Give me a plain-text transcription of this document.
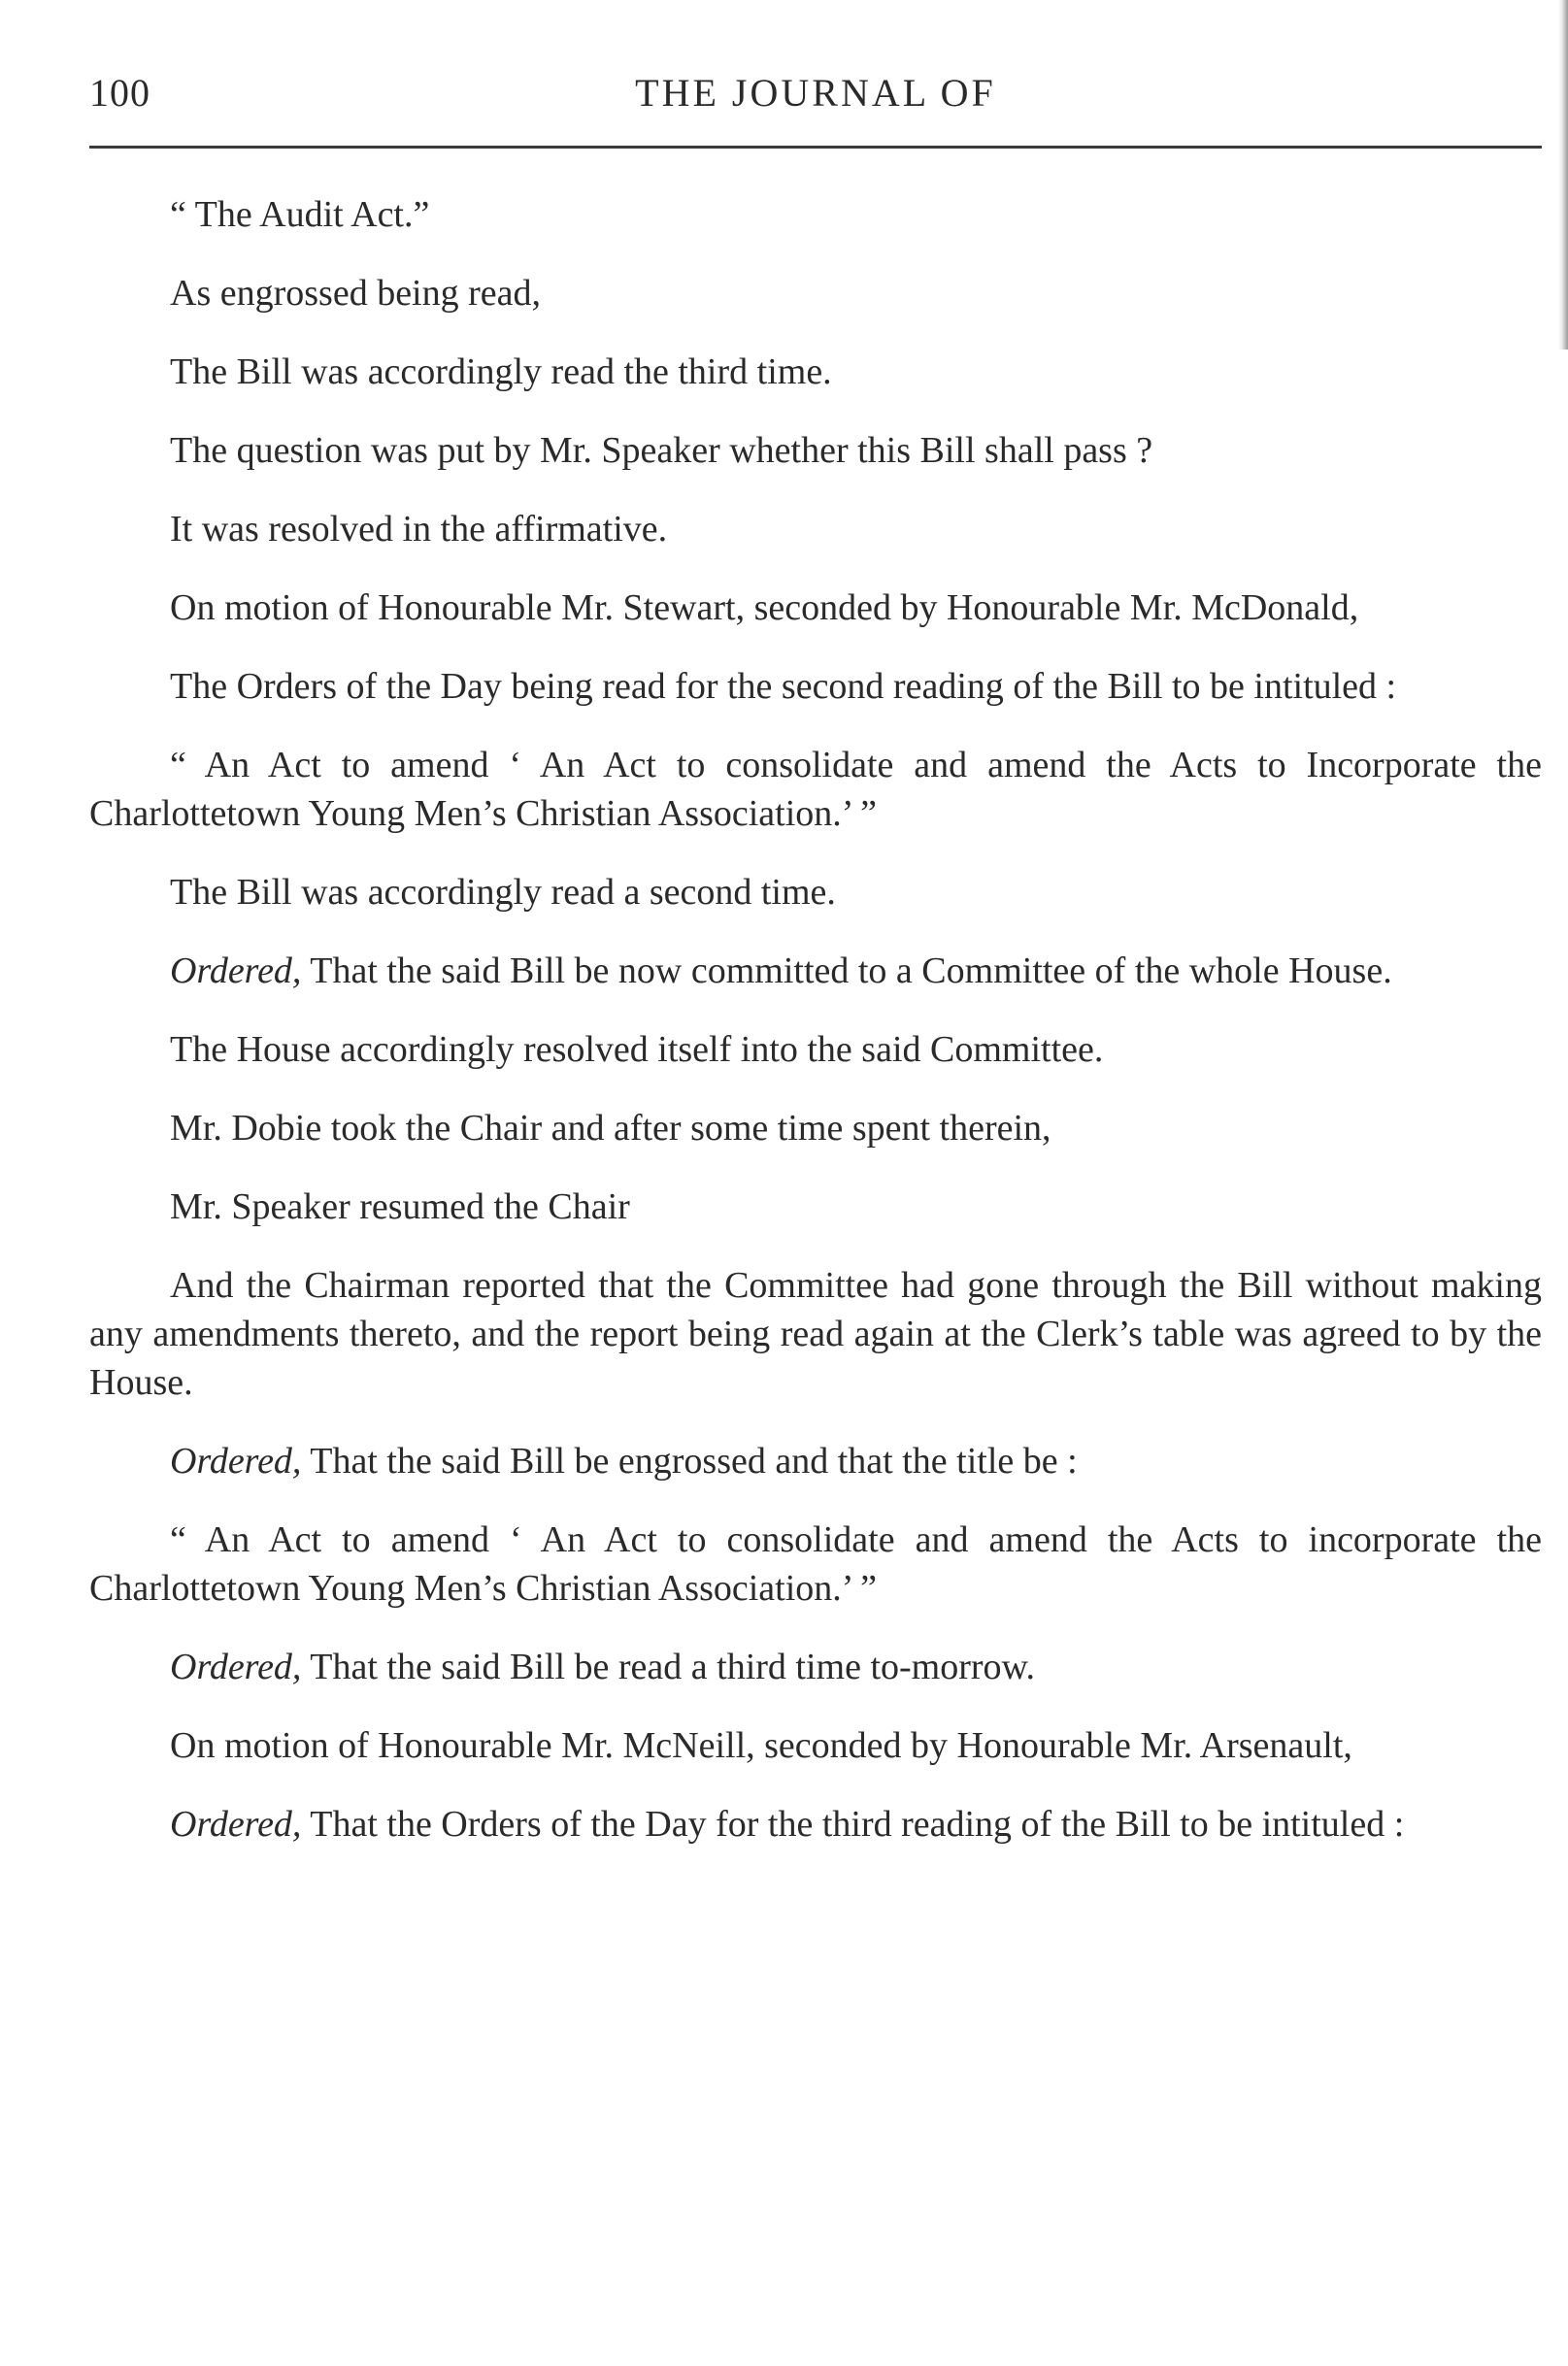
100	THE JOURNAL OF

“ The Audit Act.”

As engrossed being read,

The Bill was accordingly read the third time.

The question was put by Mr. Speaker whether this Bill shall pass ?

It was resolved in the affirmative.

On motion of Honourable Mr. Stewart, seconded by Honourable Mr. McDonald,

The Orders of the Day being read for the second reading of the Bill to be intituled :

“ An Act to amend ‘ An Act to consolidate and amend the Acts to Incorporate the Charlottetown Young Men’s Christian Association.’ ”

The Bill was accordingly read a second time.

Ordered, That the said Bill be now committed to a Committee of the whole House.

The House accordingly resolved itself into the said Committee.

Mr. Dobie took the Chair and after some time spent therein,

Mr. Speaker resumed the Chair

And the Chairman reported that the Committee had gone through the Bill without making any amendments thereto, and the report being read again at the Clerk’s table was agreed to by the House.

Ordered, That the said Bill be engrossed and that the title be :

“ An Act to amend ‘ An Act to consolidate and amend the Acts to incorporate the Charlottetown Young Men’s Christian Association.’ ”

Ordered, That the said Bill be read a third time to-morrow.

On motion of Honourable Mr. McNeill, seconded by Honourable Mr. Arsenault,

Ordered, That the Orders of the Day for the third reading of the Bill to be intituled :
